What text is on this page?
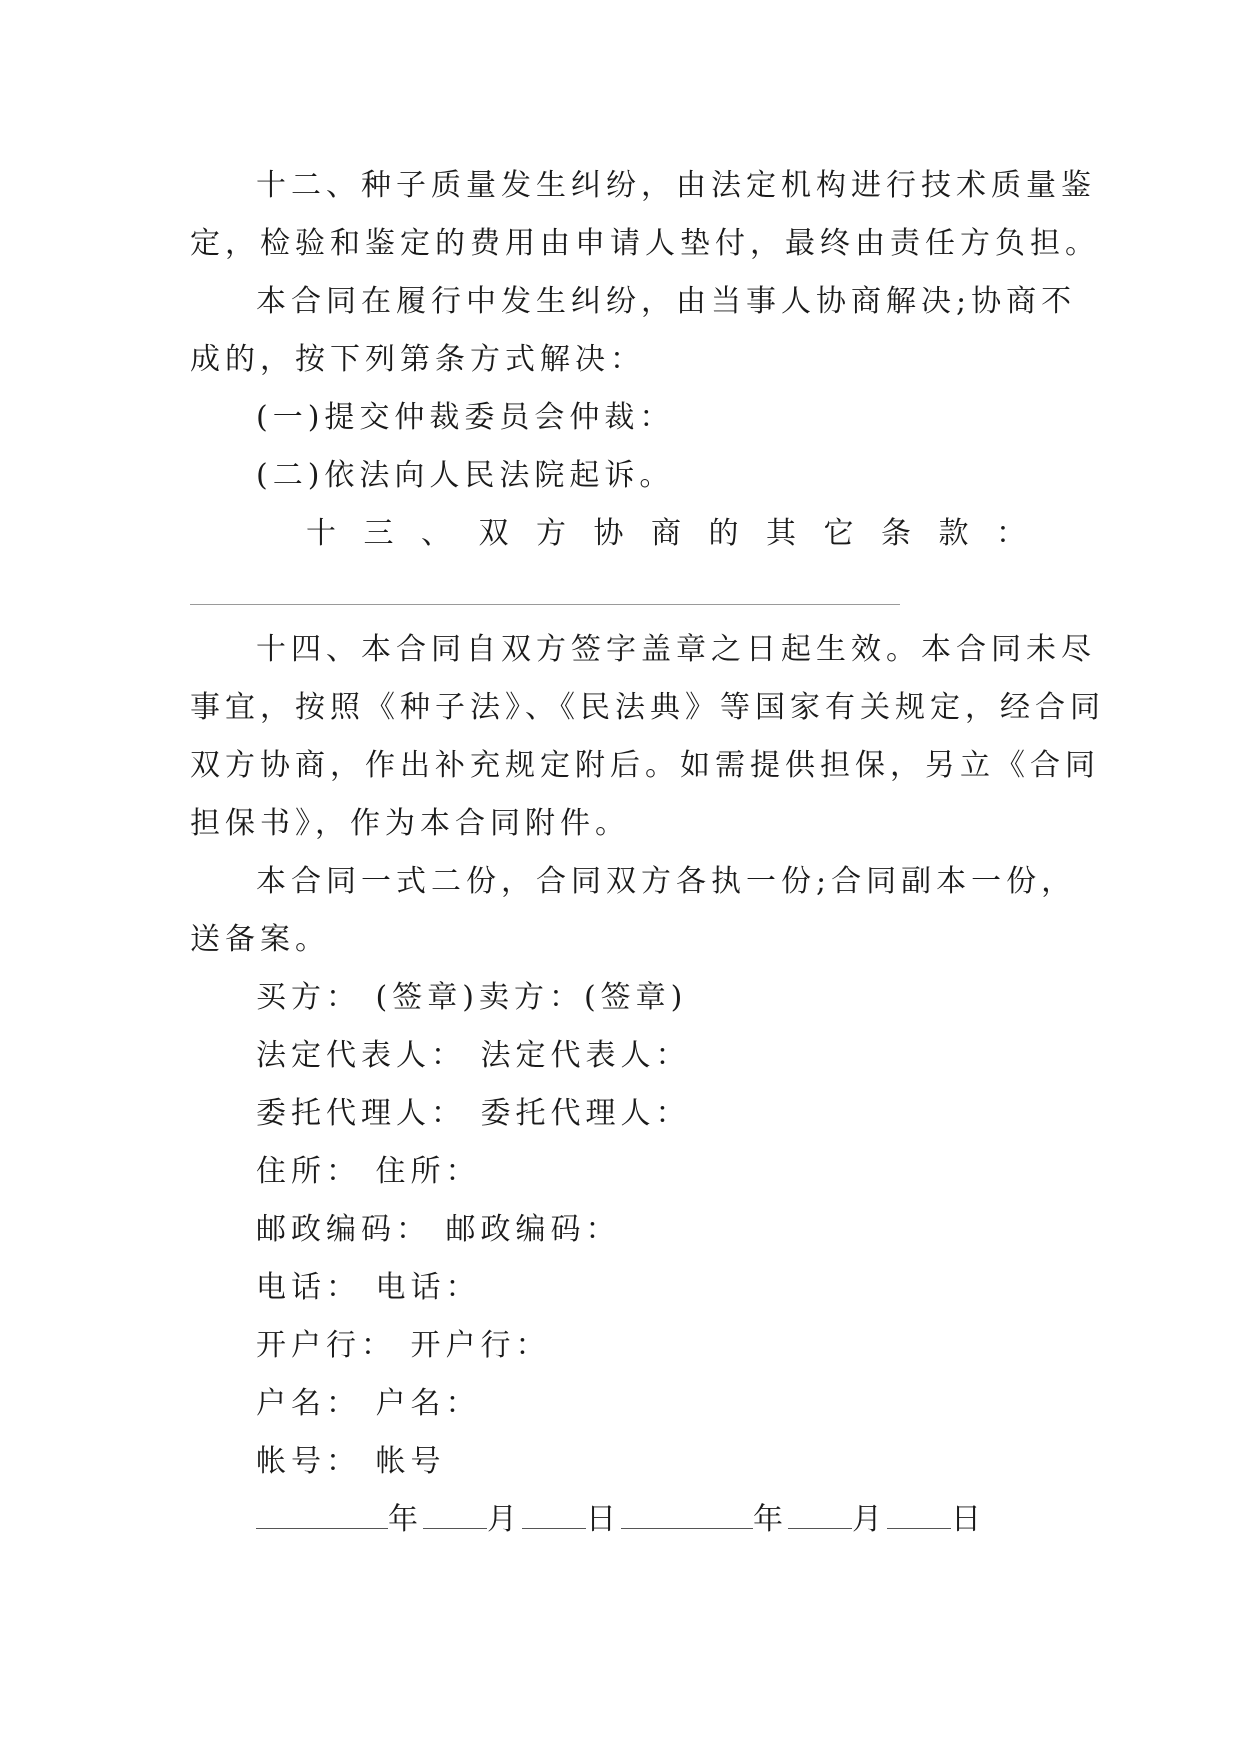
十二、种子质量发生纠纷，由法定机构进行技术质量鉴
定，检验和鉴定的费用由申请人垫付，最终由责任方负担。
本合同在履行中发生纠纷，由当事人协商解决;协商不
成的，按下列第条方式解决：
(一)提交仲裁委员会仲裁：
(二)依法向人民法院起诉。
十 三 、 双 方 协 商 的 其 它 条 款 ：
十四、本合同自双方签字盖章之日起生效。本合同未尽
事宜，按照《种子法》、《民法典》等国家有关规定，经合同
双方协商，作出补充规定附后。如需提供担保，另立《合同
担保书》，作为本合同附件。
本合同一式二份，合同双方各执一份;合同副本一份，
送备案。
买方： (签章)卖方：(签章)
法定代表人： 法定代表人：
委托代理人： 委托代理人：
住所： 住所：
邮政编码： 邮政编码：
电话： 电话：
开户行： 开户行：
户名： 户名：
帐号： 帐号
年 月 日	年 月 日
